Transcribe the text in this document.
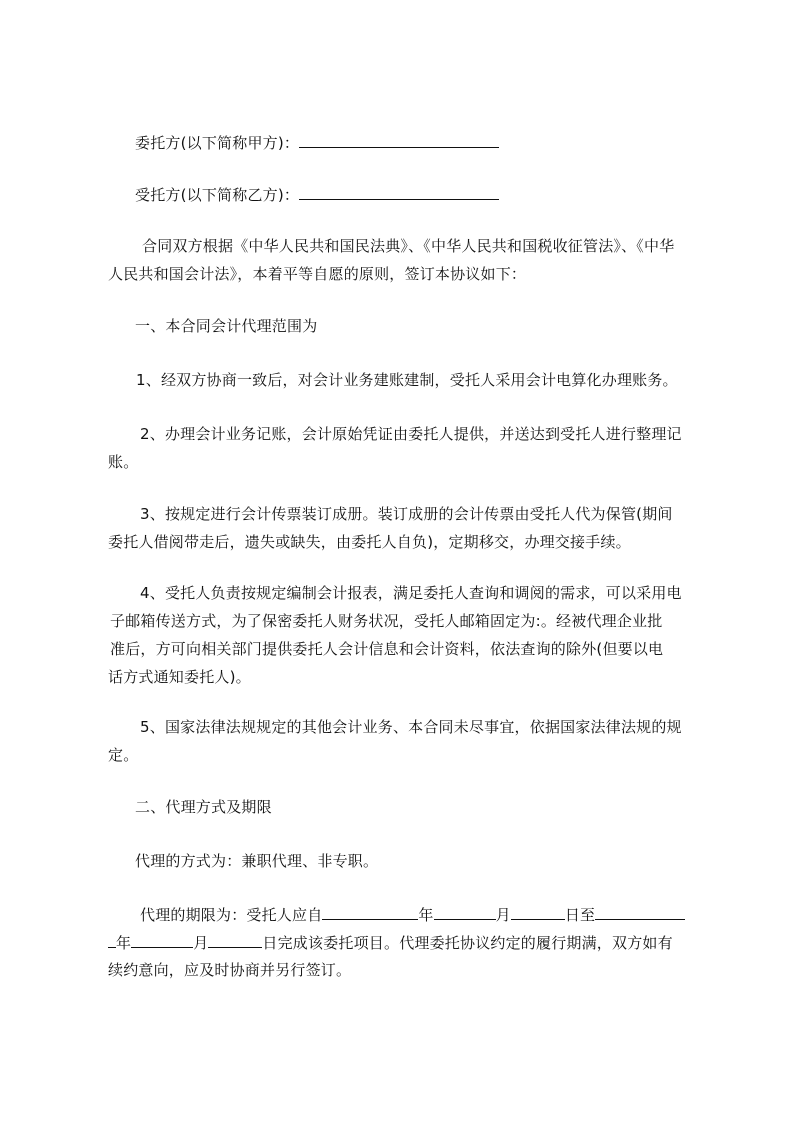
委托方(以下简称甲方)：
受托方(以下简称乙方)：
合同双方根据《中华人民共和国民法典》、《中华人民共和国税收征管法》、《中华
人民共和国会计法》，本着平等自愿的原则，签订本协议如下：
一、本合同会计代理范围为
1、经双方协商一致后，对会计业务建账建制，受托人采用会计电算化办理账务。
2、办理会计业务记账，会计原始凭证由委托人提供，并送达到受托人进行整理记
账。
3、按规定进行会计传票装订成册。装订成册的会计传票由受托人代为保管(期间
委托人借阅带走后，遗失或缺失，由委托人自负)，定期移交，办理交接手续。
4、受托人负责按规定编制会计报表，满足委托人查询和调阅的需求，可以采用电
子邮箱传送方式，为了保密委托人财务状况，受托人邮箱固定为:。经被代理企业批
准后，方可向相关部门提供委托人会计信息和会计资料，依法查询的除外(但要以电
话方式通知委托人)。
5、国家法律法规规定的其他会计业务、本合同未尽事宜，依据国家法律法规的规
定。
二、代理方式及期限
代理的方式为：兼职代理、非专职。
代理的期限为：受托人应自	年	月	日至
年	月	日完成该委托项目。代理委托协议约定的履行期满，双方如有
续约意向，应及时协商并另行签订。
